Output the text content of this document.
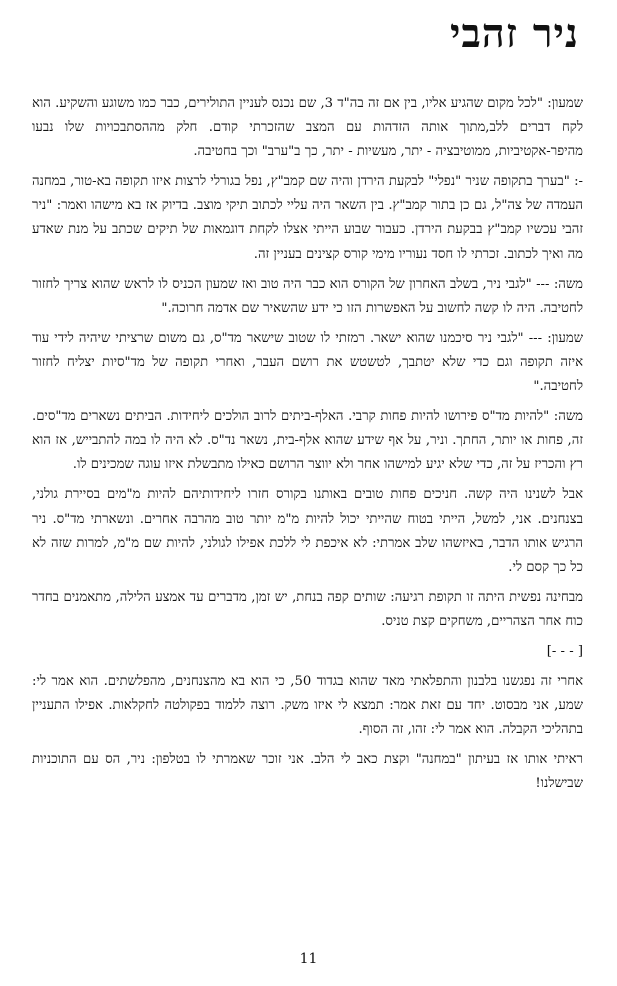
ניר זהבי

שמעון: "לכל מקום שהגיע אליו, בין אם זה בה"ד 3, שם נכנס לעניין התולירים, כבר כמו משוגע והשקיע. הוא לקח דברים ללב,מתוך אותה הזדהות עם המצב שהזכרתי קודם. חלק מההסתבכויות שלו נבעו מהיפר-אקטיביות, ממוטיבציה - יתר, מעשיות - יתר, כך ב"ערב" וכך בחטיבה.

-: "בערך בתקופה שניר "נפלי" לבקעת הירדן והיה שם קמב"ץ, נפל בגורלי לרצות איזו תקופה בא-טור, במחנה העמדה של צה"ל, גם כן בתור קמב"ץ. בין השאר היה עליי לכתוב תיקי מוצב. בדיוק אז בא מישהו ואמר: "ניר זהבי עכשיו קמב"ץ בבקעת הירדן. כעבור שבוע הייתי אצלו לקחת דוגמאות של תיקים שכתב על מנת שאדע מה ואיך לכתוב. זכרתי לו חסד נעוריו מימי קורס קצינים בעניין זה.

משה: --- "לגבי ניר, בשלב האחרון של הקורס הוא כבר היה טוב ואז שמעון הכניס לו לראש שהוא צריך לחזור לחטיבה. היה לו קשה לחשוב על האפשרות הזו כי ידע שהשאיר שם אדמה חרוכה."

שמעון: --- "לגבי ניר סיכמנו שהוא ישאר. רמזתי לו שטוב שישאר מד"ס, גם משום שרציתי שיהיה לידי עוד איזה תקופה וגם כדי שלא יטתבך, לטשטש את רושם העבר, ואחרי תקופה של מד"סיות יצליח לחזור לחטיבה."

משה: "להיות מד"ס פירושו להיות פחות קרבי. האלף-ביתים לרוב הולכים ליחידות. הביתים נשארים מד"סים. זה, פחות או יותר, החתך. וניר, על אף שידע שהוא אלף-בית, נשאר נד"ס. לא היה לו במה להתבייש, אז הוא רץ והכריז על זה, כדי שלא יגיע למישהו אחר ולא יווצר הרושם כאילו מתבשלת איזו עוגה שמכינים לו.

אבל לשנינו היה קשה. חניכים פחות טובים באותנו בקורס חזרו ליחידותיהם להיות מ"מים בסיירת גולני, בצנחנים. אני, למשל, הייתי בטוח שהייתי יכול להיות מ"מ יותר טוב מהרבה אחרים. ונשארתי מד"ס. ניר הרגיש אותו הדבר, באיזשהו שלב אמרתי: לא איכפת לי ללכת אפילו לגולני, להיות שם מ"מ, למרות שזה לא כל כך קסם לי.

מבחינה נפשית היתה זו תקופת רגיעה: שותים קפה בנחת, יש זמן, מדברים עד אמצע הלילה, מתאמנים בחדר כוח אחר הצהריים, משחקים קצת טניס.

[ - - -]

אחרי זה נפגשנו בלבנון והתפלאתי מאד שהוא בגדוד 50, כי הוא בא מהצנחנים, מהפלשתים. הוא אמר לי: שמע, אני מבסוט. יחד עם זאת אמר: תמצא לי איזו משק. רוצה ללמוד בפקולטה לחקלאות. אפילו התעניין בתהליכי הקבלה. הוא אמר לי: זהו, זה הסוף.

ראיתי אותו אז בעיתון "במחנה" וקצת כאב לי הלב. אני זוכר שאמרתי לו בטלפון: ניר, הס עם התוכניות שבישלנו!

11
